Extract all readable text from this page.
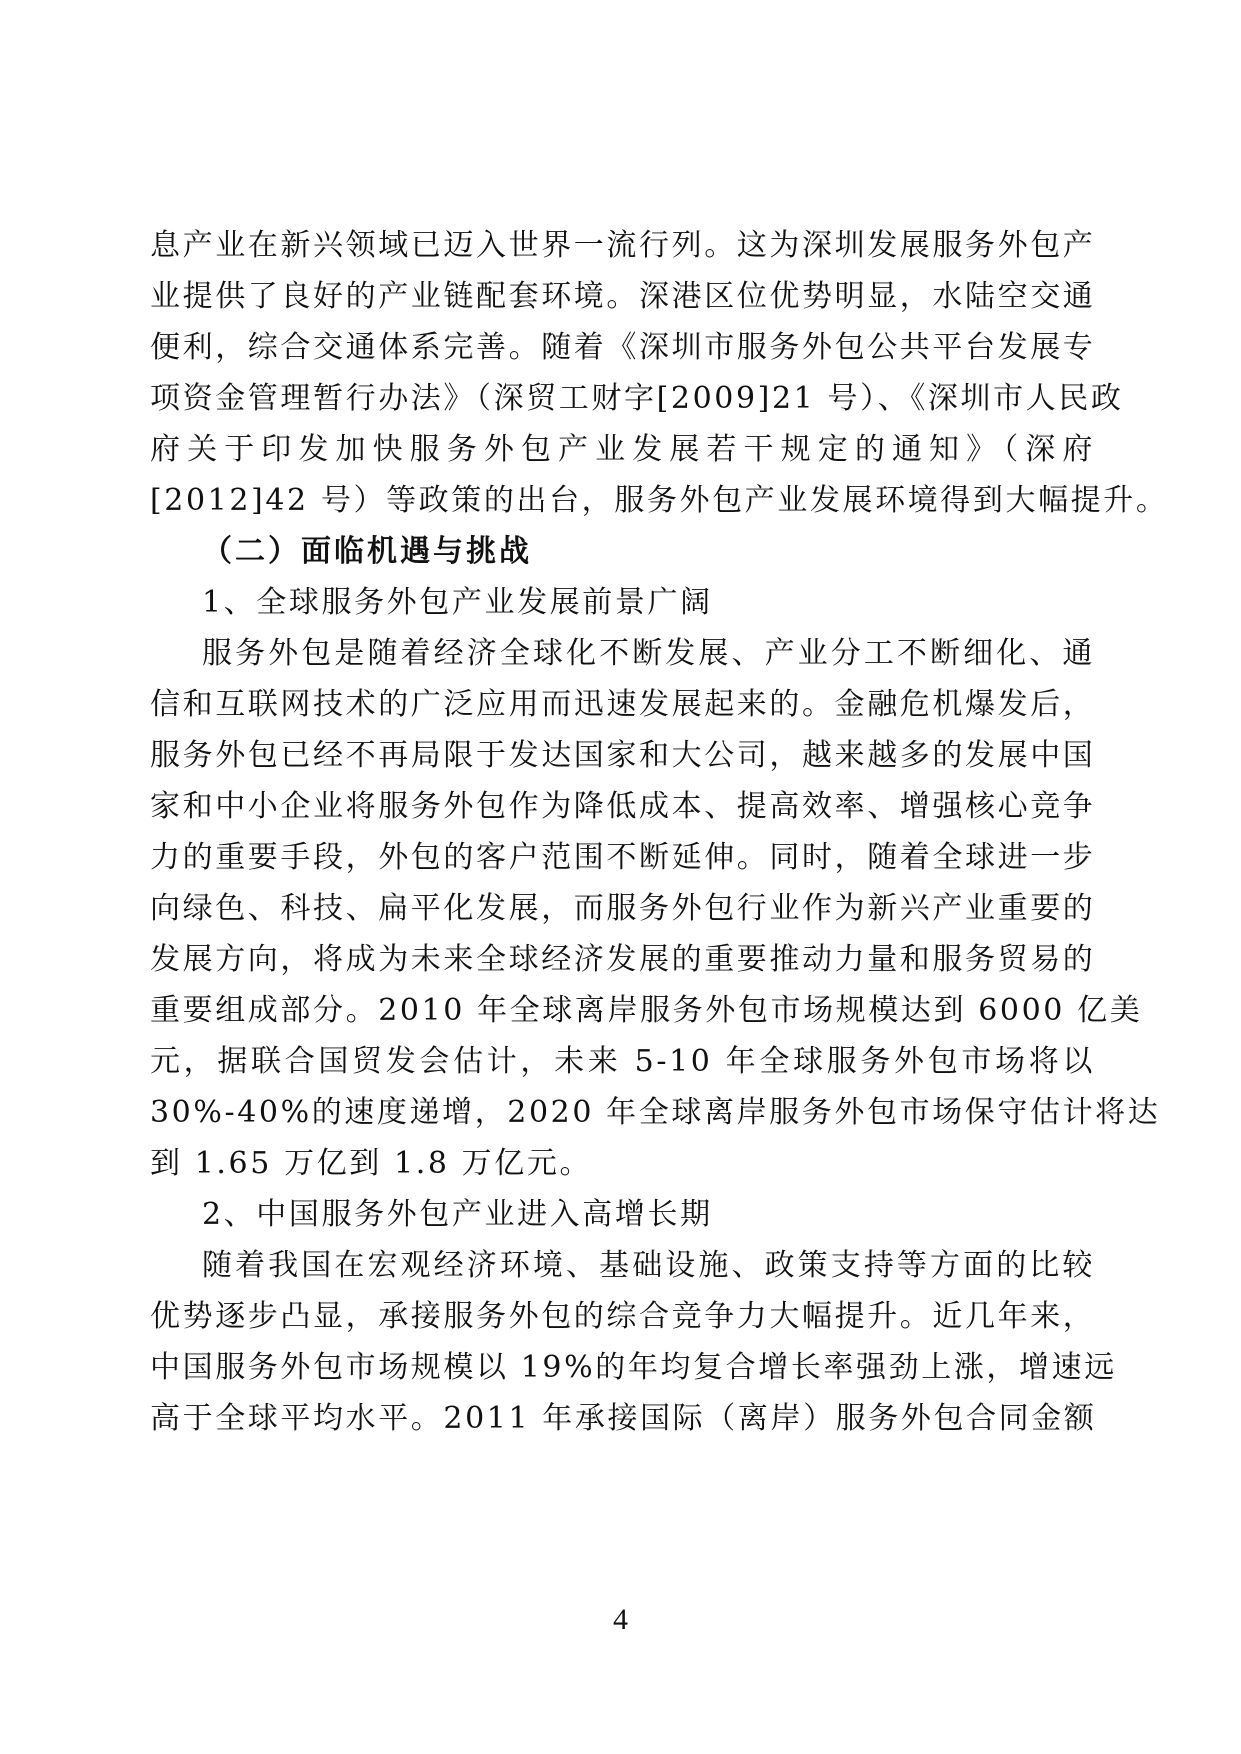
息产业在新兴领域已迈入世界一流行列。这为深圳发展服务外包产
业提供了良好的产业链配套环境。深港区位优势明显，水陆空交通
便利，综合交通体系完善。随着《深圳市服务外包公共平台发展专
项资金管理暂行办法》（深贸工财字[2009]21 号）、《深圳市人民政
府关于印发加快服务外包产业发展若干规定的通知》（深府
[2012]42 号）等政策的出台，服务外包产业发展环境得到大幅提升。
（二）面临机遇与挑战
1、全球服务外包产业发展前景广阔
服务外包是随着经济全球化不断发展、产业分工不断细化、通
信和互联网技术的广泛应用而迅速发展起来的。金融危机爆发后，
服务外包已经不再局限于发达国家和大公司，越来越多的发展中国
家和中小企业将服务外包作为降低成本、提高效率、增强核心竞争
力的重要手段，外包的客户范围不断延伸。同时，随着全球进一步
向绿色、科技、扁平化发展，而服务外包行业作为新兴产业重要的
发展方向，将成为未来全球经济发展的重要推动力量和服务贸易的
重要组成部分。2010 年全球离岸服务外包市场规模达到 6000 亿美
元，据联合国贸发会估计，未来 5-10 年全球服务外包市场将以
30%-40%的速度递增，2020 年全球离岸服务外包市场保守估计将达
到 1.65 万亿到 1.8 万亿元。
2、中国服务外包产业进入高增长期
随着我国在宏观经济环境、基础设施、政策支持等方面的比较
优势逐步凸显，承接服务外包的综合竞争力大幅提升。近几年来，
中国服务外包市场规模以 19%的年均复合增长率强劲上涨，增速远
高于全球平均水平。2011 年承接国际（离岸）服务外包合同金额
4
